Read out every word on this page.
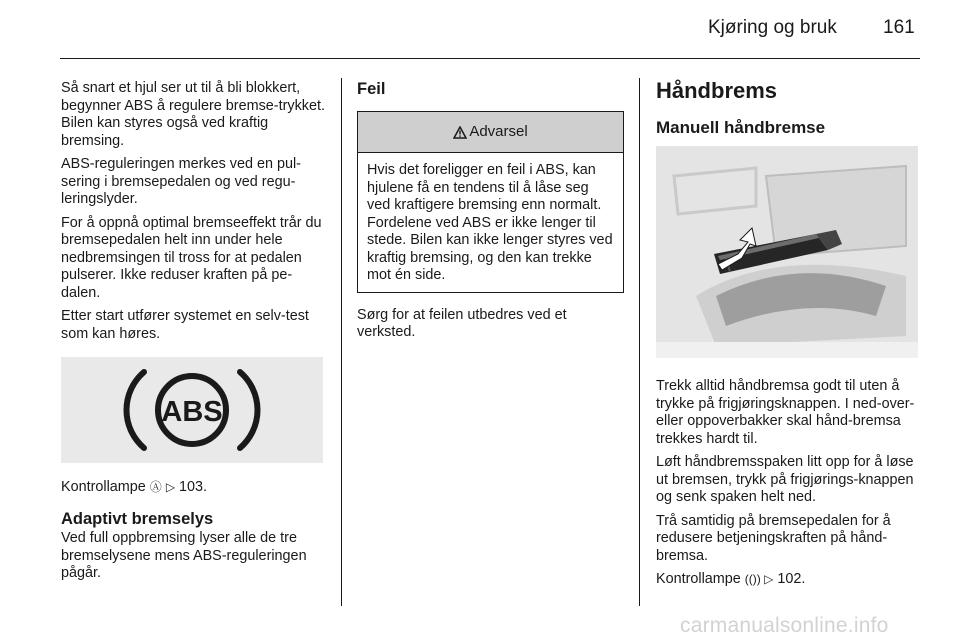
Kjøring og bruk 161

Så snart et hjul ser ut til å bli blokkert, begynner ABS å regulere bremse-trykket. Bilen kan styres også ved kraftig bremsing.

ABS-reguleringen merkes ved en pul-sering i bremsepedalen og ved regu-leringslyder.

For å oppnå optimal bremseeffekt trår du bremsepedalen helt inn under hele nedbremsingen til tross for at pedalen pulserer. Ikke reduser kraften på pe-dalen.

Etter start utfører systemet en selv-test som kan høres.

ABS

Kontrollampe Ⓐ ▷ 103.

Adaptivt bremselys

Ved full oppbremsing lyser alle de tre bremselysene mens ABS-reguleringen pågår.

Feil
Advarsel
Hvis det foreligger en feil i ABS, kan hjulene få en tendens til å låse seg ved kraftigere bremsing enn normalt. Fordelene ved ABS er ikke lenger til stede. Bilen kan ikke lenger styres ved kraftig bremsing, og den kan trekke mot én side.

Sørg for at feilen utbedres ved et verksted.

Håndbrems
Manuell håndbremse

Trekk alltid håndbremsa godt til uten å trykke på frigjøringsknappen. I ned-over- eller oppoverbakker skal hånd-bremsa trekkes hardt til.

Løft håndbremsspaken litt opp for å løse ut bremsen, trykk på frigjørings-knappen og senk spaken helt ned.

Trå samtidig på bremsepedalen for å redusere betjeningskraften på hånd-bremsa.

Kontrollampe (()) ▷ 102.

carmanualsonline.info
